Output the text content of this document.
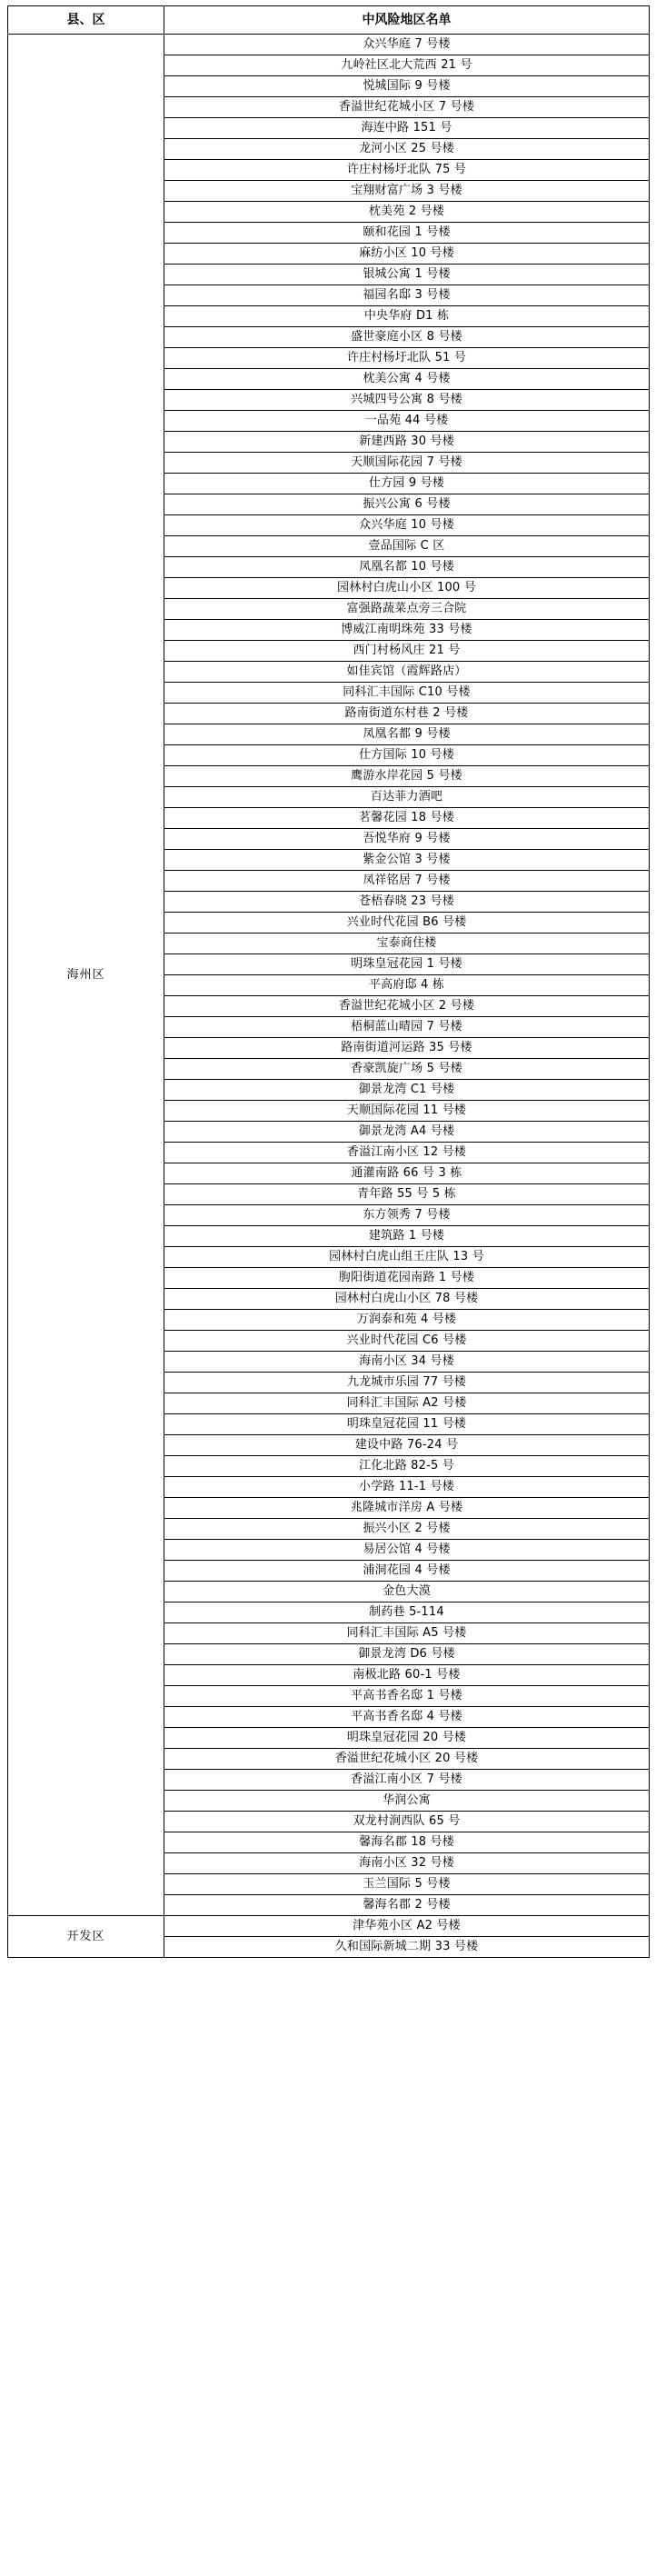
县、区	中风险地区名单
海州区	众兴华庭 7 号楼
	九岭社区北大荒西 21 号
	悦城国际 9 号楼
	香溢世纪花城小区 7 号楼
	海连中路 151 号
	龙河小区 25 号楼
	许庄村杨圩北队 75 号
	宝翔财富广场 3 号楼
	枕美苑 2 号楼
	颐和花园 1 号楼
	麻纺小区 10 号楼
	银城公寓 1 号楼
	福园名邸 3 号楼
	中央华府 D1 栋
	盛世豪庭小区 8 号楼
	许庄村杨圩北队 51 号
	枕美公寓 4 号楼
	兴城四号公寓 8 号楼
	一品苑 44 号楼
	新建西路 30 号楼
	天顺国际花园 7 号楼
	仕方园 9 号楼
	振兴公寓 6 号楼
	众兴华庭 10 号楼
	壹品国际 C 区
	凤凰名都 10 号楼
	园林村白虎山小区 100 号
	富强路蔬菜点旁三合院
	博威江南明珠苑 33 号楼
	西门村杨风庄 21 号
	如佳宾馆（霞辉路店）
	同科汇丰国际 C10 号楼
	路南街道东村巷 2 号楼
	凤凰名都 9 号楼
	仕方国际 10 号楼
	鹰游水岸花园 5 号楼
	百达菲力酒吧
	茗馨花园 18 号楼
	吾悦华府 9 号楼
	紫金公馆 3 号楼
	凤祥铭居 7 号楼
	苍梧春晓 23 号楼
	兴业时代花园 B6 号楼
	宝泰商住楼
	明珠皇冠花园 1 号楼
	平高府邸 4 栋
	香溢世纪花城小区 2 号楼
	梧桐蓝山晴园 7 号楼
	路南街道河运路 35 号楼
	香豪凯旋广场 5 号楼
	御景龙湾 C1 号楼
	天顺国际花园 11 号楼
	御景龙湾 A4 号楼
	香溢江南小区 12 号楼
	通灌南路 66 号 3 栋
	青年路 55 号 5 栋
	东方领秀 7 号楼
	建筑路 1 号楼
	园林村白虎山组王庄队 13 号
	朐阳街道花园南路 1 号楼
	园林村白虎山小区 78 号楼
	万润泰和苑 4 号楼
	兴业时代花园 C6 号楼
	海南小区 34 号楼
	九龙城市乐园 77 号楼
	同科汇丰国际 A2 号楼
	明珠皇冠花园 11 号楼
	建设中路 76-24 号
	江化北路 82-5 号
	小学路 11-1 号楼
	兆隆城市洋房 A 号楼
	振兴小区 2 号楼
	易居公馆 4 号楼
	浦洞花园 4 号楼
	金色大漠
	制药巷 5-114
	同科汇丰国际 A5 号楼
	御景龙湾 D6 号楼
	南极北路 60-1 号楼
	平高书香名邸 1 号楼
	平高书香名邸 4 号楼
	明珠皇冠花园 20 号楼
	香溢世纪花城小区 20 号楼
	香溢江南小区 7 号楼
	华润公寓
	双龙村涧西队 65 号
	馨海名郡 18 号楼
	海南小区 32 号楼
	玉兰国际 5 号楼
	馨海名郡 2 号楼
开发区	津华苑小区 A2 号楼
	久和国际新城二期 33 号楼
